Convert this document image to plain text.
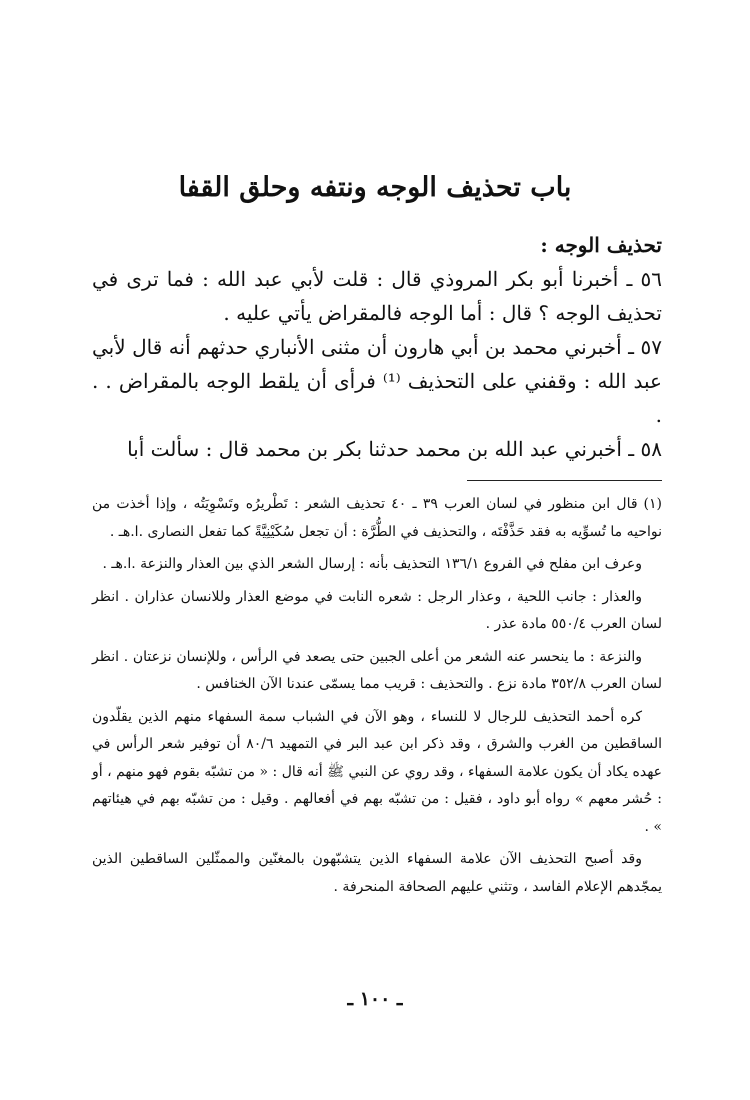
باب تحذيف الوجه ونتفه وحلق القفا

تحذيف الوجه :

٥٦ ـ أخبرنا أبو بكر المروذي قال : قلت لأبي عبد الله : فما ترى في تحذيف الوجه ؟ قال : أما الوجه فالمقراض يأتي عليه .

٥٧ ـ أخبرني محمد بن أبي هارون أن مثنى الأنباري حدثهم أنه قال لأبي عبد الله : وقفني على التحذيف ⁽¹⁾ فرأى أن يلقط الوجه بالمقراض . . .

٥٨ ـ أخبرني عبد الله بن محمد حدثنا بكر بن محمد قال : سألت أبا

(١)قال ابن منظور في لسان العرب ٣٩ ـ ٤٠ تحذيف الشعر : تَطْريرُه وتَسْوِيَتُه ، وإذا أخذت من نواحيه ما تُسوِّيه به فقد حَذَّفْتَه ، والتحذيف في الطُّرَّة : أن تجعل سُكَيْنِيَّةً كما تفعل النصارى .ا.هـ .

وعرف ابن مفلح في الفروع ١٣٦/١ التحذيف بأنه : إرسال الشعر الذي بين العذار والنزعة .ا.هـ .

والعذار : جانب اللحية ، وعذار الرجل : شعره النابت في موضع العذار وللانسان عذاران . انظر لسان العرب ٥٥٠/٤ مادة عذر .

والنزعة : ما ينحسر عنه الشعر من أعلى الجبين حتى يصعد في الرأس ، وللإنسان نزعتان . انظر لسان العرب ٣٥٢/٨ مادة نزع . والتحذيف : قريب مما يسمّى عندنا الآن الخنافس .

كره أحمد التحذيف للرجال لا للنساء ، وهو الآن في الشباب سمة السفهاء منهم الذين يقلّدون الساقطين من الغرب والشرق ، وقد ذكر ابن عبد البر في التمهيد ٨٠/٦ أن توفير شعر الرأس في عهده يكاد أن يكون علامة السفهاء ، وقد روي عن النبي ﷺ أنه قال : « من تشبّه بقوم فهو منهم ، أو : حُشر معهم » رواه أبو داود ، فقيل : من تشبّه بهم في أفعالهم . وقيل : من تشبّه بهم في هيئاتهم » .

وقد أصبح التحذيف الآن علامة السفهاء الذين يتشبّهون بالمغنّين والممثّلين الساقطين الذين يمجّدهم الإعلام الفاسد ، وتثني عليهم الصحافة المنحرفة .

ـ ١٠٠ ـ
